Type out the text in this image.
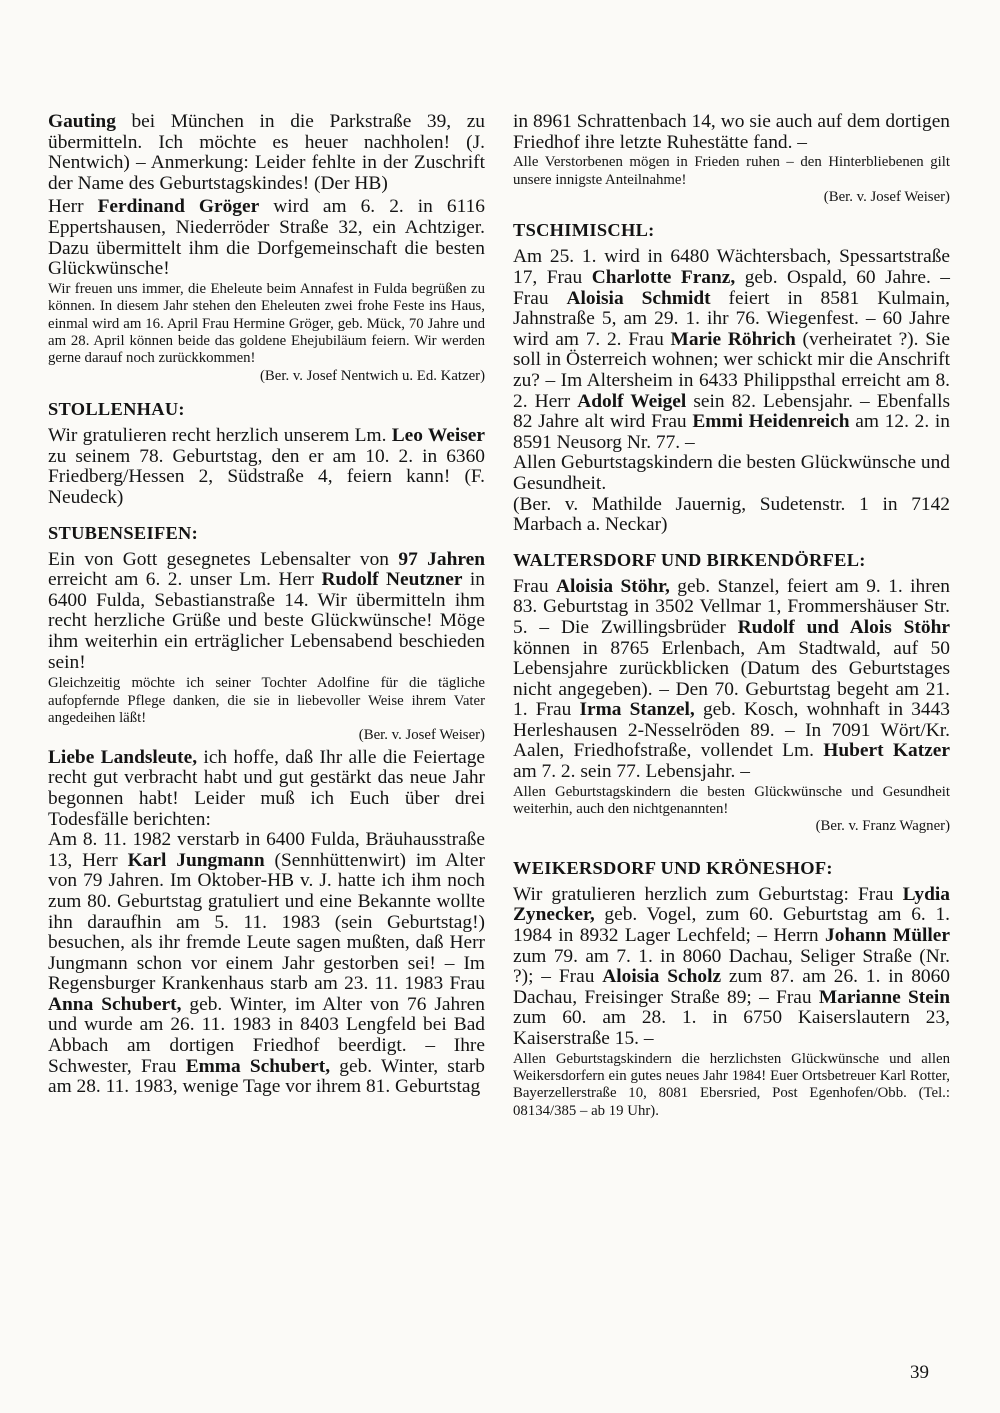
Gauting bei München in die Parkstraße 39, zu übermitteln. Ich möchte es heuer nachholen! (J. Nentwich) – Anmerkung: Leider fehlte in der Zuschrift der Name des Geburtstagskindes! (Der HB)

Herr Ferdinand Gröger wird am 6. 2. in 6116 Eppertshausen, Niederröder Straße 32, ein Achtziger. Dazu übermittelt ihm die Dorfgemeinschaft die besten Glückwünsche!

Wir freuen uns immer, die Eheleute beim Annafest in Fulda begrüßen zu können. In diesem Jahr stehen den Eheleuten zwei frohe Feste ins Haus, einmal wird am 16. April Frau Hermine Gröger, geb. Mück, 70 Jahre und am 28. April können beide das goldene Ehejubiläum feiern. Wir werden gerne darauf noch zurückkommen!

(Ber. v. Josef Nentwich u. Ed. Katzer)

STOLLENHAU:

Wir gratulieren recht herzlich unserem Lm. Leo Weiser zu seinem 78. Geburtstag, den er am 10. 2. in 6360 Friedberg/Hessen 2, Südstraße 4, feiern kann! (F. Neudeck)

STUBENSEIFEN:

Ein von Gott gesegnetes Lebensalter von 97 Jahren erreicht am 6. 2. unser Lm. Herr Rudolf Neutzner in 6400 Fulda, Sebastianstraße 14. Wir übermitteln ihm recht herzliche Grüße und beste Glückwünsche! Möge ihm weiterhin ein erträglicher Lebensabend beschieden sein!

Gleichzeitig möchte ich seiner Tochter Adolfine für die tägliche aufopfernde Pflege danken, die sie in liebevoller Weise ihrem Vater angedeihen läßt!

(Ber. v. Josef Weiser)

Liebe Landsleute, ich hoffe, daß Ihr alle die Feiertage recht gut verbracht habt und gut gestärkt das neue Jahr begonnen habt! Leider muß ich Euch über drei Todesfälle berichten:

Am 8. 11. 1982 verstarb in 6400 Fulda, Bräuhausstraße 13, Herr Karl Jungmann (Sennhüttenwirt) im Alter von 79 Jahren. Im Oktober-HB v. J. hatte ich ihm noch zum 80. Geburtstag gratuliert und eine Bekannte wollte ihn daraufhin am 5. 11. 1983 (sein Geburtstag!) besuchen, als ihr fremde Leute sagen mußten, daß Herr Jungmann schon vor einem Jahr gestorben sei! – Im Regensburger Krankenhaus starb am 23. 11. 1983 Frau Anna Schubert, geb. Winter, im Alter von 76 Jahren und wurde am 26. 11. 1983 in 8403 Lengfeld bei Bad Abbach am dortigen Friedhof beerdigt. – Ihre Schwester, Frau Emma Schubert, geb. Winter, starb am 28. 11. 1983, wenige Tage vor ihrem 81. Geburtstag

in 8961 Schrattenbach 14, wo sie auch auf dem dortigen Friedhof ihre letzte Ruhestätte fand. –

Alle Verstorbenen mögen in Frieden ruhen – den Hinterbliebenen gilt unsere innigste Anteilnahme!

(Ber. v. Josef Weiser)

TSCHIMISCHL:

Am 25. 1. wird in 6480 Wächtersbach, Spessartstraße 17, Frau Charlotte Franz, geb. Ospald, 60 Jahre. – Frau Aloisia Schmidt feiert in 8581 Kulmain, Jahnstraße 5, am 29. 1. ihr 76. Wiegenfest. – 60 Jahre wird am 7. 2. Frau Marie Röhrich (verheiratet ?). Sie soll in Österreich wohnen; wer schickt mir die Anschrift zu? – Im Altersheim in 6433 Philippsthal erreicht am 8. 2. Herr Adolf Weigel sein 82. Lebensjahr. – Ebenfalls 82 Jahre alt wird Frau Emmi Heidenreich am 12. 2. in 8591 Neusorg Nr. 77. –

Allen Geburtstagskindern die besten Glückwünsche und Gesundheit.

(Ber. v. Mathilde Jauernig, Sudetenstr. 1 in 7142 Marbach a. Neckar)

WALTERSDORF UND BIRKENDÖRFEL:

Frau Aloisia Stöhr, geb. Stanzel, feiert am 9. 1. ihren 83. Geburtstag in 3502 Vellmar 1, Frommershäuser Str. 5. – Die Zwillingsbrüder Rudolf und Alois Stöhr können in 8765 Erlenbach, Am Stadtwald, auf 50 Lebensjahre zurückblicken (Datum des Geburtstages nicht angegeben). – Den 70. Geburtstag begeht am 21. 1. Frau Irma Stanzel, geb. Kosch, wohnhaft in 3443 Herleshausen 2-Nesselröden 89. – In 7091 Wört/Kr. Aalen, Friedhofstraße, vollendet Lm. Hubert Katzer am 7. 2. sein 77. Lebensjahr. –

Allen Geburtstagskindern die besten Glückwünsche und Gesundheit weiterhin, auch den nichtgenannten!

(Ber. v. Franz Wagner)

WEIKERSDORF UND KRÖNESHOF:

Wir gratulieren herzlich zum Geburtstag: Frau Lydia Zynecker, geb. Vogel, zum 60. Geburtstag am 6. 1. 1984 in 8932 Lager Lechfeld; – Herrn Johann Müller zum 79. am 7. 1. in 8060 Dachau, Seliger Straße (Nr. ?); – Frau Aloisia Scholz zum 87. am 26. 1. in 8060 Dachau, Freisinger Straße 89; – Frau Marianne Stein zum 60. am 28. 1. in 6750 Kaiserslautern 23, Kaiserstraße 15. –

Allen Geburtstagskindern die herzlichsten Glückwünsche und allen Weikersdorfern ein gutes neues Jahr 1984! Euer Ortsbetreuer Karl Rotter, Bayerzellerstraße 10, 8081 Ebersried, Post Egenhofen/Obb. (Tel.: 08134/385 – ab 19 Uhr).

39
